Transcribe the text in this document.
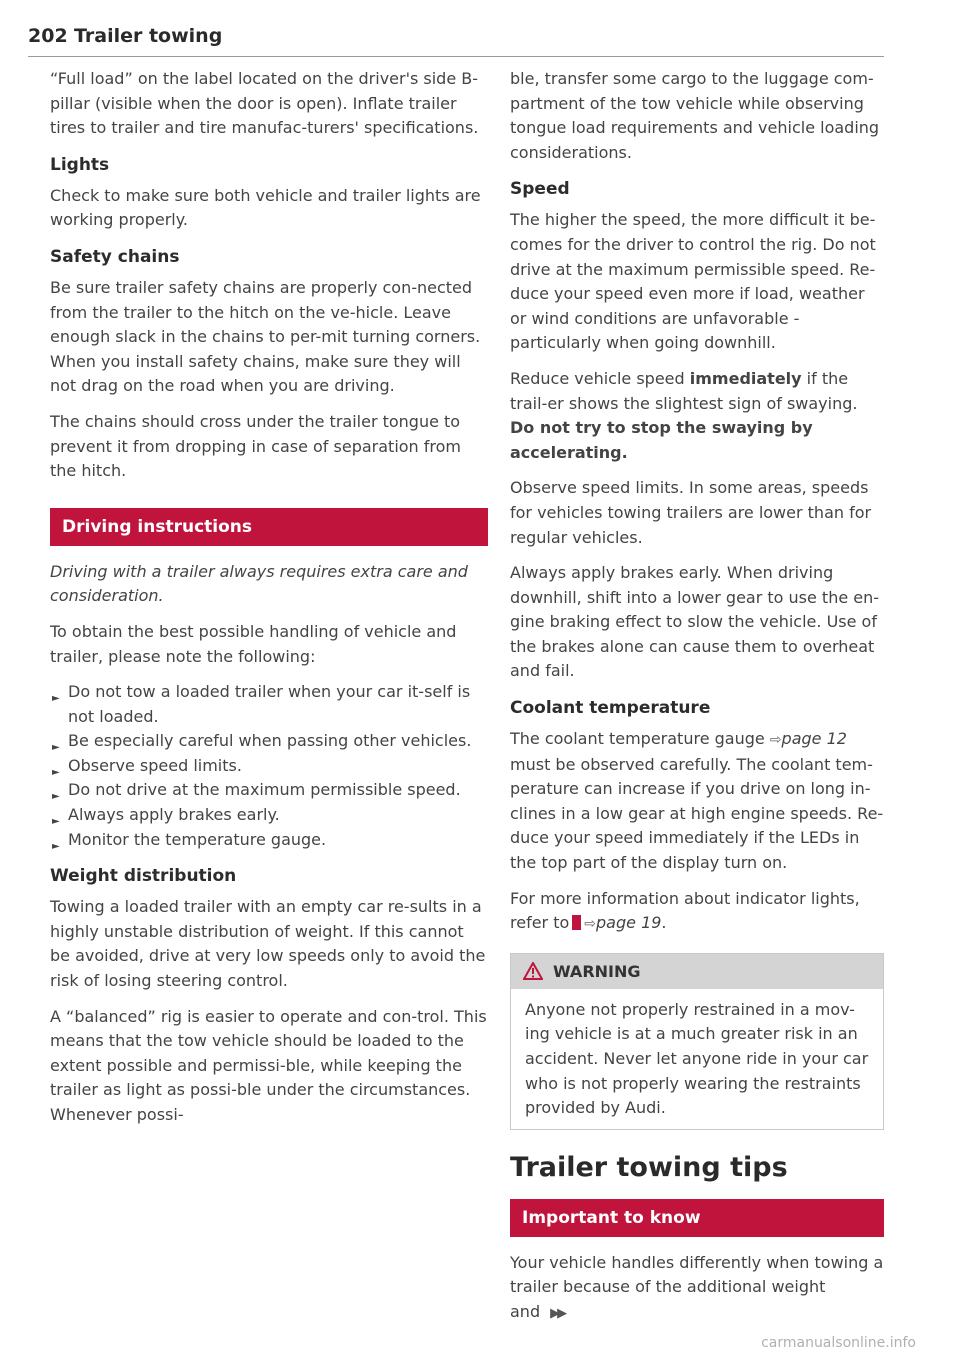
202 Trailer towing

“Full load” on the label located on the driver's side B-pillar (visible when the door is open). Inflate trailer tires to trailer and tire manufac-turers' specifications.

Lights

Check to make sure both vehicle and trailer lights are working properly.

Safety chains

Be sure trailer safety chains are properly con-nected from the trailer to the hitch on the ve-hicle. Leave enough slack in the chains to per-mit turning corners. When you install safety chains, make sure they will not drag on the road when you are driving.

The chains should cross under the trailer tongue to prevent it from dropping in case of separation from the hitch.

Driving instructions

Driving with a trailer always requires extra care and consideration.

To obtain the best possible handling of vehicle and trailer, please note the following:

► Do not tow a loaded trailer when your car it-self is not loaded.
► Be especially careful when passing other vehicles.
► Observe speed limits.
► Do not drive at the maximum permissible speed.
► Always apply brakes early.
► Monitor the temperature gauge.
Weight distribution

Towing a loaded trailer with an empty car re-sults in a highly unstable distribution of weight. If this cannot be avoided, drive at very low speeds only to avoid the risk of losing steering control.

A “balanced” rig is easier to operate and con-trol. This means that the tow vehicle should be loaded to the extent possible and permissi-ble, while keeping the trailer as light as possi-ble under the circumstances. Whenever possi-

ble, transfer some cargo to the luggage com-partment of the tow vehicle while observing tongue load requirements and vehicle loading considerations.

Speed

The higher the speed, the more difficult it be-comes for the driver to control the rig. Do not drive at the maximum permissible speed. Re-duce your speed even more if load, weather or wind conditions are unfavorable - particularly when going downhill.

Reduce vehicle speed immediately if the trail-er shows the slightest sign of swaying. Do not try to stop the swaying by accelerating.

Observe speed limits. In some areas, speeds for vehicles towing trailers are lower than for regular vehicles.

Always apply brakes early. When driving downhill, shift into a lower gear to use the en-gine braking effect to slow the vehicle. Use of the brakes alone can cause them to overheat and fail.

Coolant temperature

The coolant temperature gauge ⇨page 12 must be observed carefully. The coolant tem-perature can increase if you drive on long in-clines in a low gear at high engine speeds. Re-duce your speed immediately if the LEDs in the top part of the display turn on.

For more information about indicator lights, refer to ⇨page 19.

WARNING

Anyone not properly restrained in a mov-ing vehicle is at a much greater risk in an accident. Never let anyone ride in your car who is not properly wearing the restraints provided by Audi.

Trailer towing tips
Important to know

Your vehicle handles differently when towing a trailer because of the additional weight and ▶▶

carmanualsonline.info
